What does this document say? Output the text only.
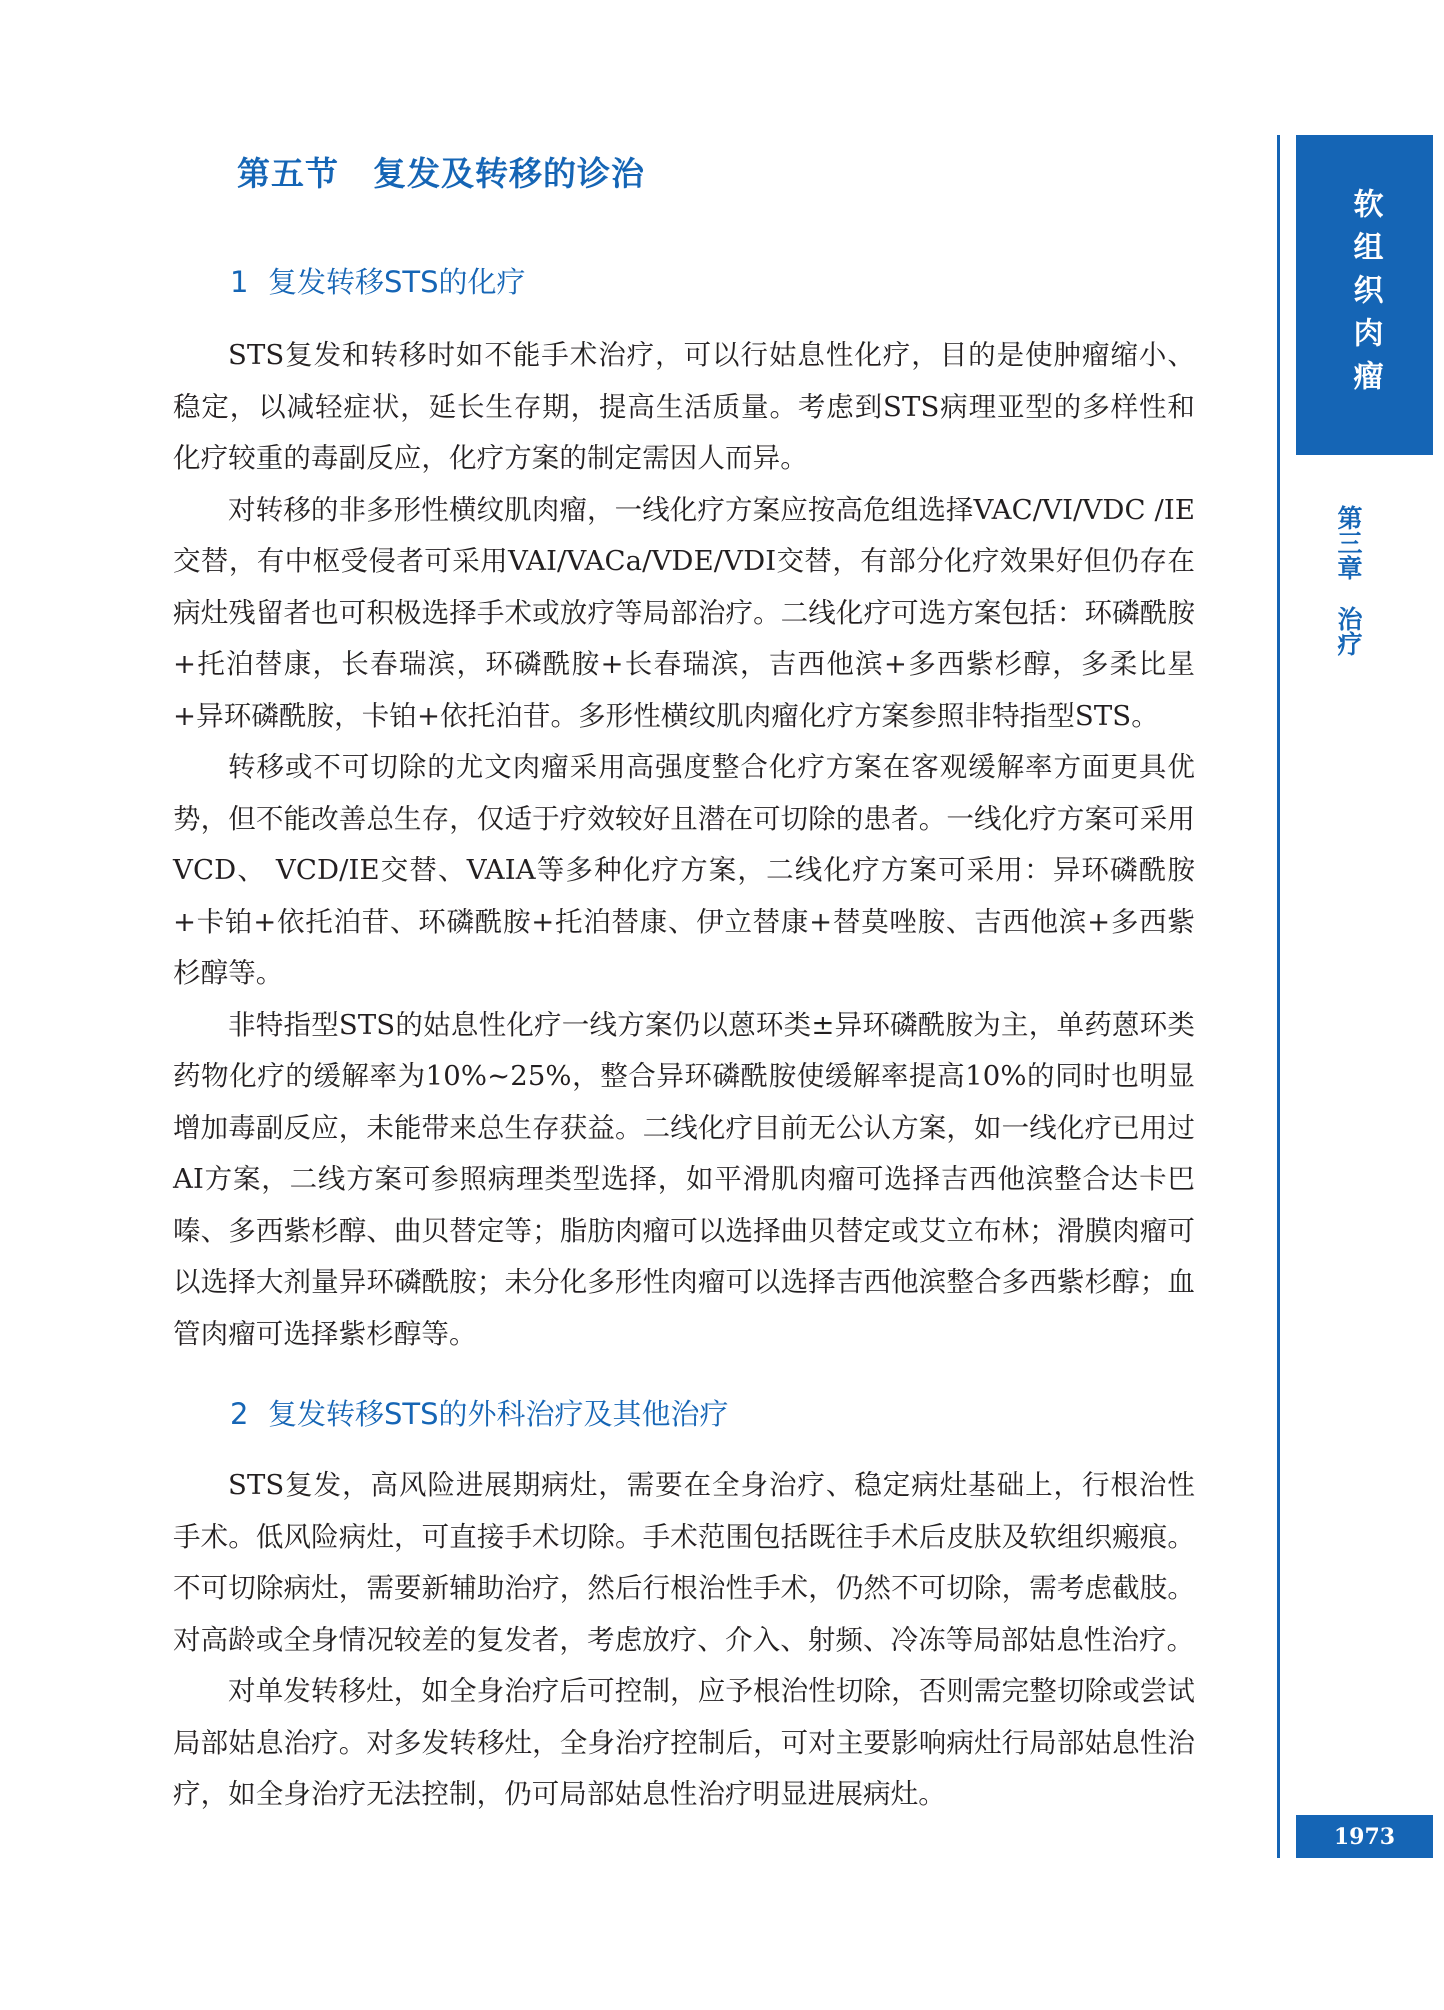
第五节　复发及转移的诊治
1 复发转移STS的化疗

STS复发和转移时如不能手术治疗，可以行姑息性化疗，目的是使肿瘤缩小、稳定，以减轻症状，延长生存期，提高生活质量。考虑到STS病理亚型的多样性和化疗较重的毒副反应，化疗方案的制定需因人而异。

对转移的非多形性横纹肌肉瘤，一线化疗方案应按高危组选择VAC/VI/VDC /IE交替，有中枢受侵者可采用VAI/VACa/VDE/VDI交替，有部分化疗效果好但仍存在病灶残留者也可积极选择手术或放疗等局部治疗。二线化疗可选方案包括：环磷酰胺+托泊替康，长春瑞滨，环磷酰胺+长春瑞滨，吉西他滨+多西紫杉醇，多柔比星+异环磷酰胺，卡铂+依托泊苷。多形性横纹肌肉瘤化疗方案参照非特指型STS。

转移或不可切除的尤文肉瘤采用高强度整合化疗方案在客观缓解率方面更具优势，但不能改善总生存，仅适于疗效较好且潜在可切除的患者。一线化疗方案可采用VCD、 VCD/IE交替、VAIA等多种化疗方案，二线化疗方案可采用：异环磷酰胺+卡铂+依托泊苷、环磷酰胺+托泊替康、伊立替康+替莫唑胺、吉西他滨+多西紫杉醇等。

非特指型STS的姑息性化疗一线方案仍以蒽环类±异环磷酰胺为主，单药蒽环类药物化疗的缓解率为10%~25%，整合异环磷酰胺使缓解率提高10%的同时也明显增加毒副反应，未能带来总生存获益。二线化疗目前无公认方案，如一线化疗已用过AI方案，二线方案可参照病理类型选择，如平滑肌肉瘤可选择吉西他滨整合达卡巴嗪、多西紫杉醇、曲贝替定等；脂肪肉瘤可以选择曲贝替定或艾立布林；滑膜肉瘤可以选择大剂量异环磷酰胺；未分化多形性肉瘤可以选择吉西他滨整合多西紫杉醇；血管肉瘤可选择紫杉醇等。

2 复发转移STS的外科治疗及其他治疗

STS复发，高风险进展期病灶，需要在全身治疗、稳定病灶基础上，行根治性手术。低风险病灶，可直接手术切除。手术范围包括既往手术后皮肤及软组织瘢痕。不可切除病灶，需要新辅助治疗，然后行根治性手术，仍然不可切除，需考虑截肢。对高龄或全身情况较差的复发者，考虑放疗、介入、射频、冷冻等局部姑息性治疗。

对单发转移灶，如全身治疗后可控制，应予根治性切除，否则需完整切除或尝试局部姑息治疗。对多发转移灶，全身治疗控制后，可对主要影响病灶行局部姑息性治疗，如全身治疗无法控制，仍可局部姑息性治疗明显进展病灶。

软组织肉瘤
第三章治疗
1973
